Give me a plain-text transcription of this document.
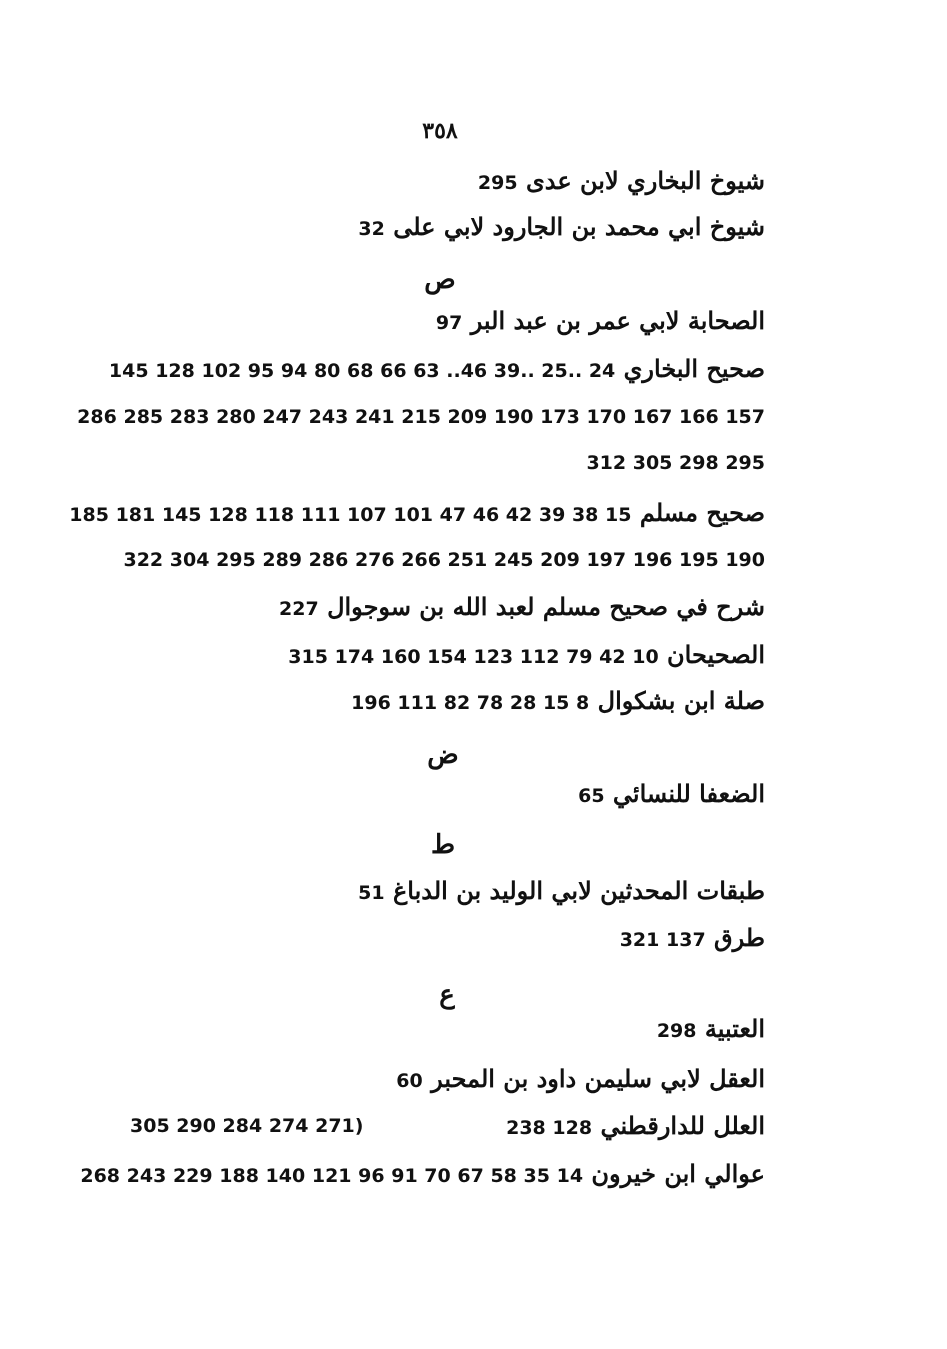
٣٥٨
شيوخ البخاري لابن عدى 295
شيوخ ابي محمد بن الجارود لابي على 32
ص
الصحابة لابي عمر بن عبد البر 97
صحيح البخاري 24 ..25 ..39 46.. 63 66 68 80 94 95 102 128 145
157 166 167 170 173 190 209 215 241 243 247 280 283 285 286
295 298 305 312
صحيح مسلم 15 38 39 42 46 47 101 107 111 118 128 145 181 185
190 195 196 197 209 245 251 266 276 286 289 295 304 322
شرح في صحيح مسلم لعبد الله بن سوجوال 227
الصحيحان 10 42 79 112 123 154 160 174 315
صلة ابن بشكوال 8 15 28 78 82 111 196
ض
الضعفا للنسائي 65
ط
طبقات المحدثين لابي الوليد بن الدباغ 51
طرق 137 321
ع
العتبية 298
العقل لابي سليمن داود بن المحبر 60
العلل للدارقطني 128 238
305 290 284 274 271)
عوالي ابن خيرون 14 35 58 67 70 91 96 121 140 188 229 243 268
